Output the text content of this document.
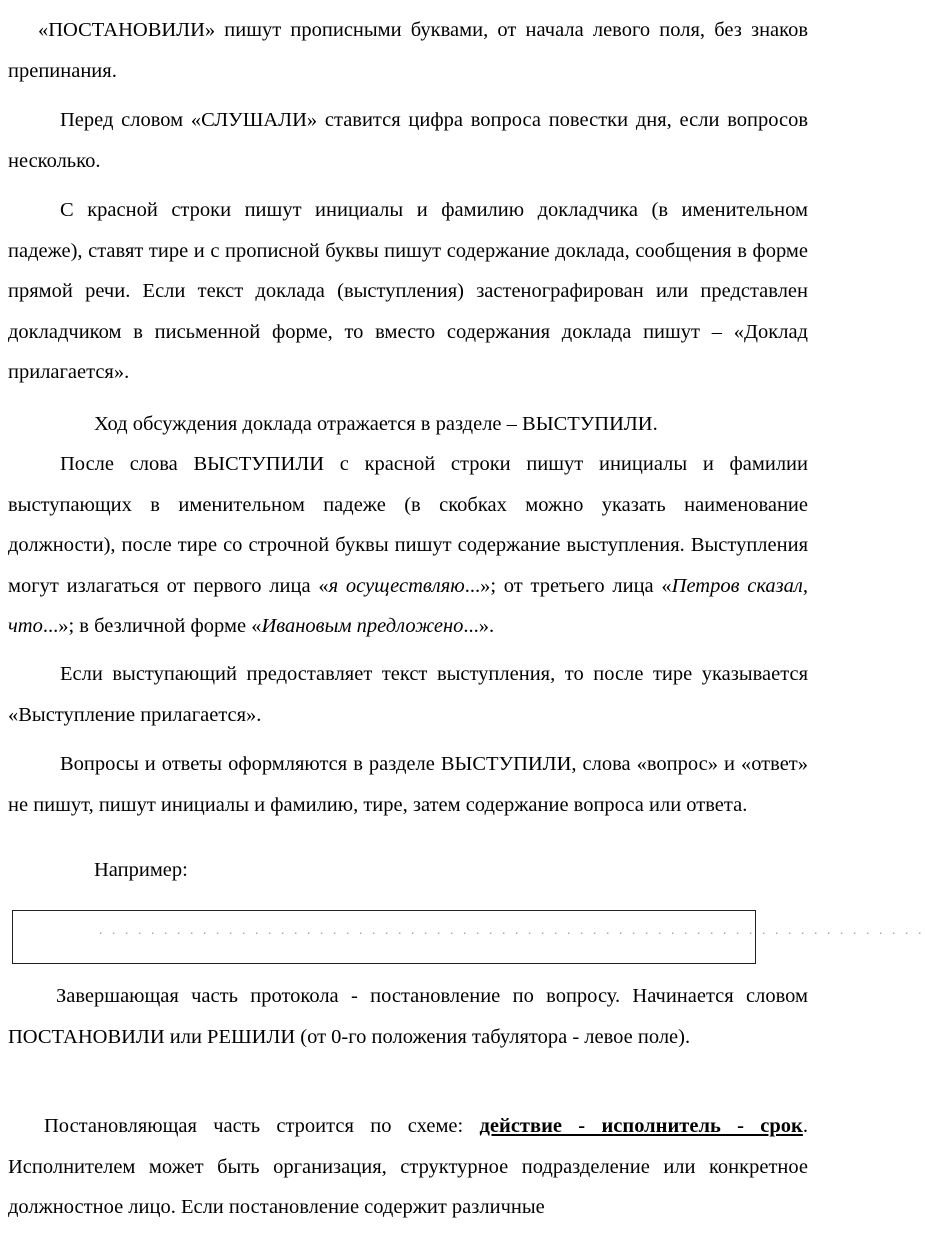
«ПОСТАНОВИЛИ» пишут прописными буквами, от начала левого поля, без знаков препинания.

Перед словом «СЛУШАЛИ» ставится цифра вопроса повестки дня, если вопросов несколько.

С красной строки пишут инициалы и фамилию докладчика (в именительном падеже), ставят тире и с прописной буквы пишут содержание доклада, сообщения в форме прямой речи. Если текст доклада (выступления) застенографирован или представлен докладчиком в письменной форме, то вместо содержания доклада пишут – «Доклад прилагается».

Ход обсуждения доклада отражается в разделе – ВЫСТУПИЛИ.

После слова ВЫСТУПИЛИ с красной строки пишут инициалы и фамилии выступающих в именительном падеже (в скобках можно указать наименование должности), после тире со строчной буквы пишут содержание выступления. Выступления могут излагаться от первого лица «я осуществляю...»; от третьего лица «Петров сказал, что...»; в безличной форме «Ивановым предложено...».

Если выступающий предоставляет текст выступления, то после тире указывается «Выступление прилагается».

Вопросы и ответы оформляются в разделе ВЫСТУПИЛИ, слова «вопрос» и «ответ» не пишут, пишут инициалы и фамилию, тире, затем содержание вопроса или ответа.

Например:

. . . . . . . . . . . . . . . . . . . . . . . . . . . . . . . . . . . . . . . . . . . . . . . . . . . . . . . . . . . . . . . .

Завершающая часть протокола - постановление по вопросу. Начинается словом ПОСТАНОВИЛИ или РЕШИЛИ (от 0-го положения табулятора - левое поле).

Постановляющая часть строится по схеме: действие - исполнитель - срок. Исполнителем может быть организация, структурное подразделение или конкретное должностное лицо. Если постановление содержит различные
